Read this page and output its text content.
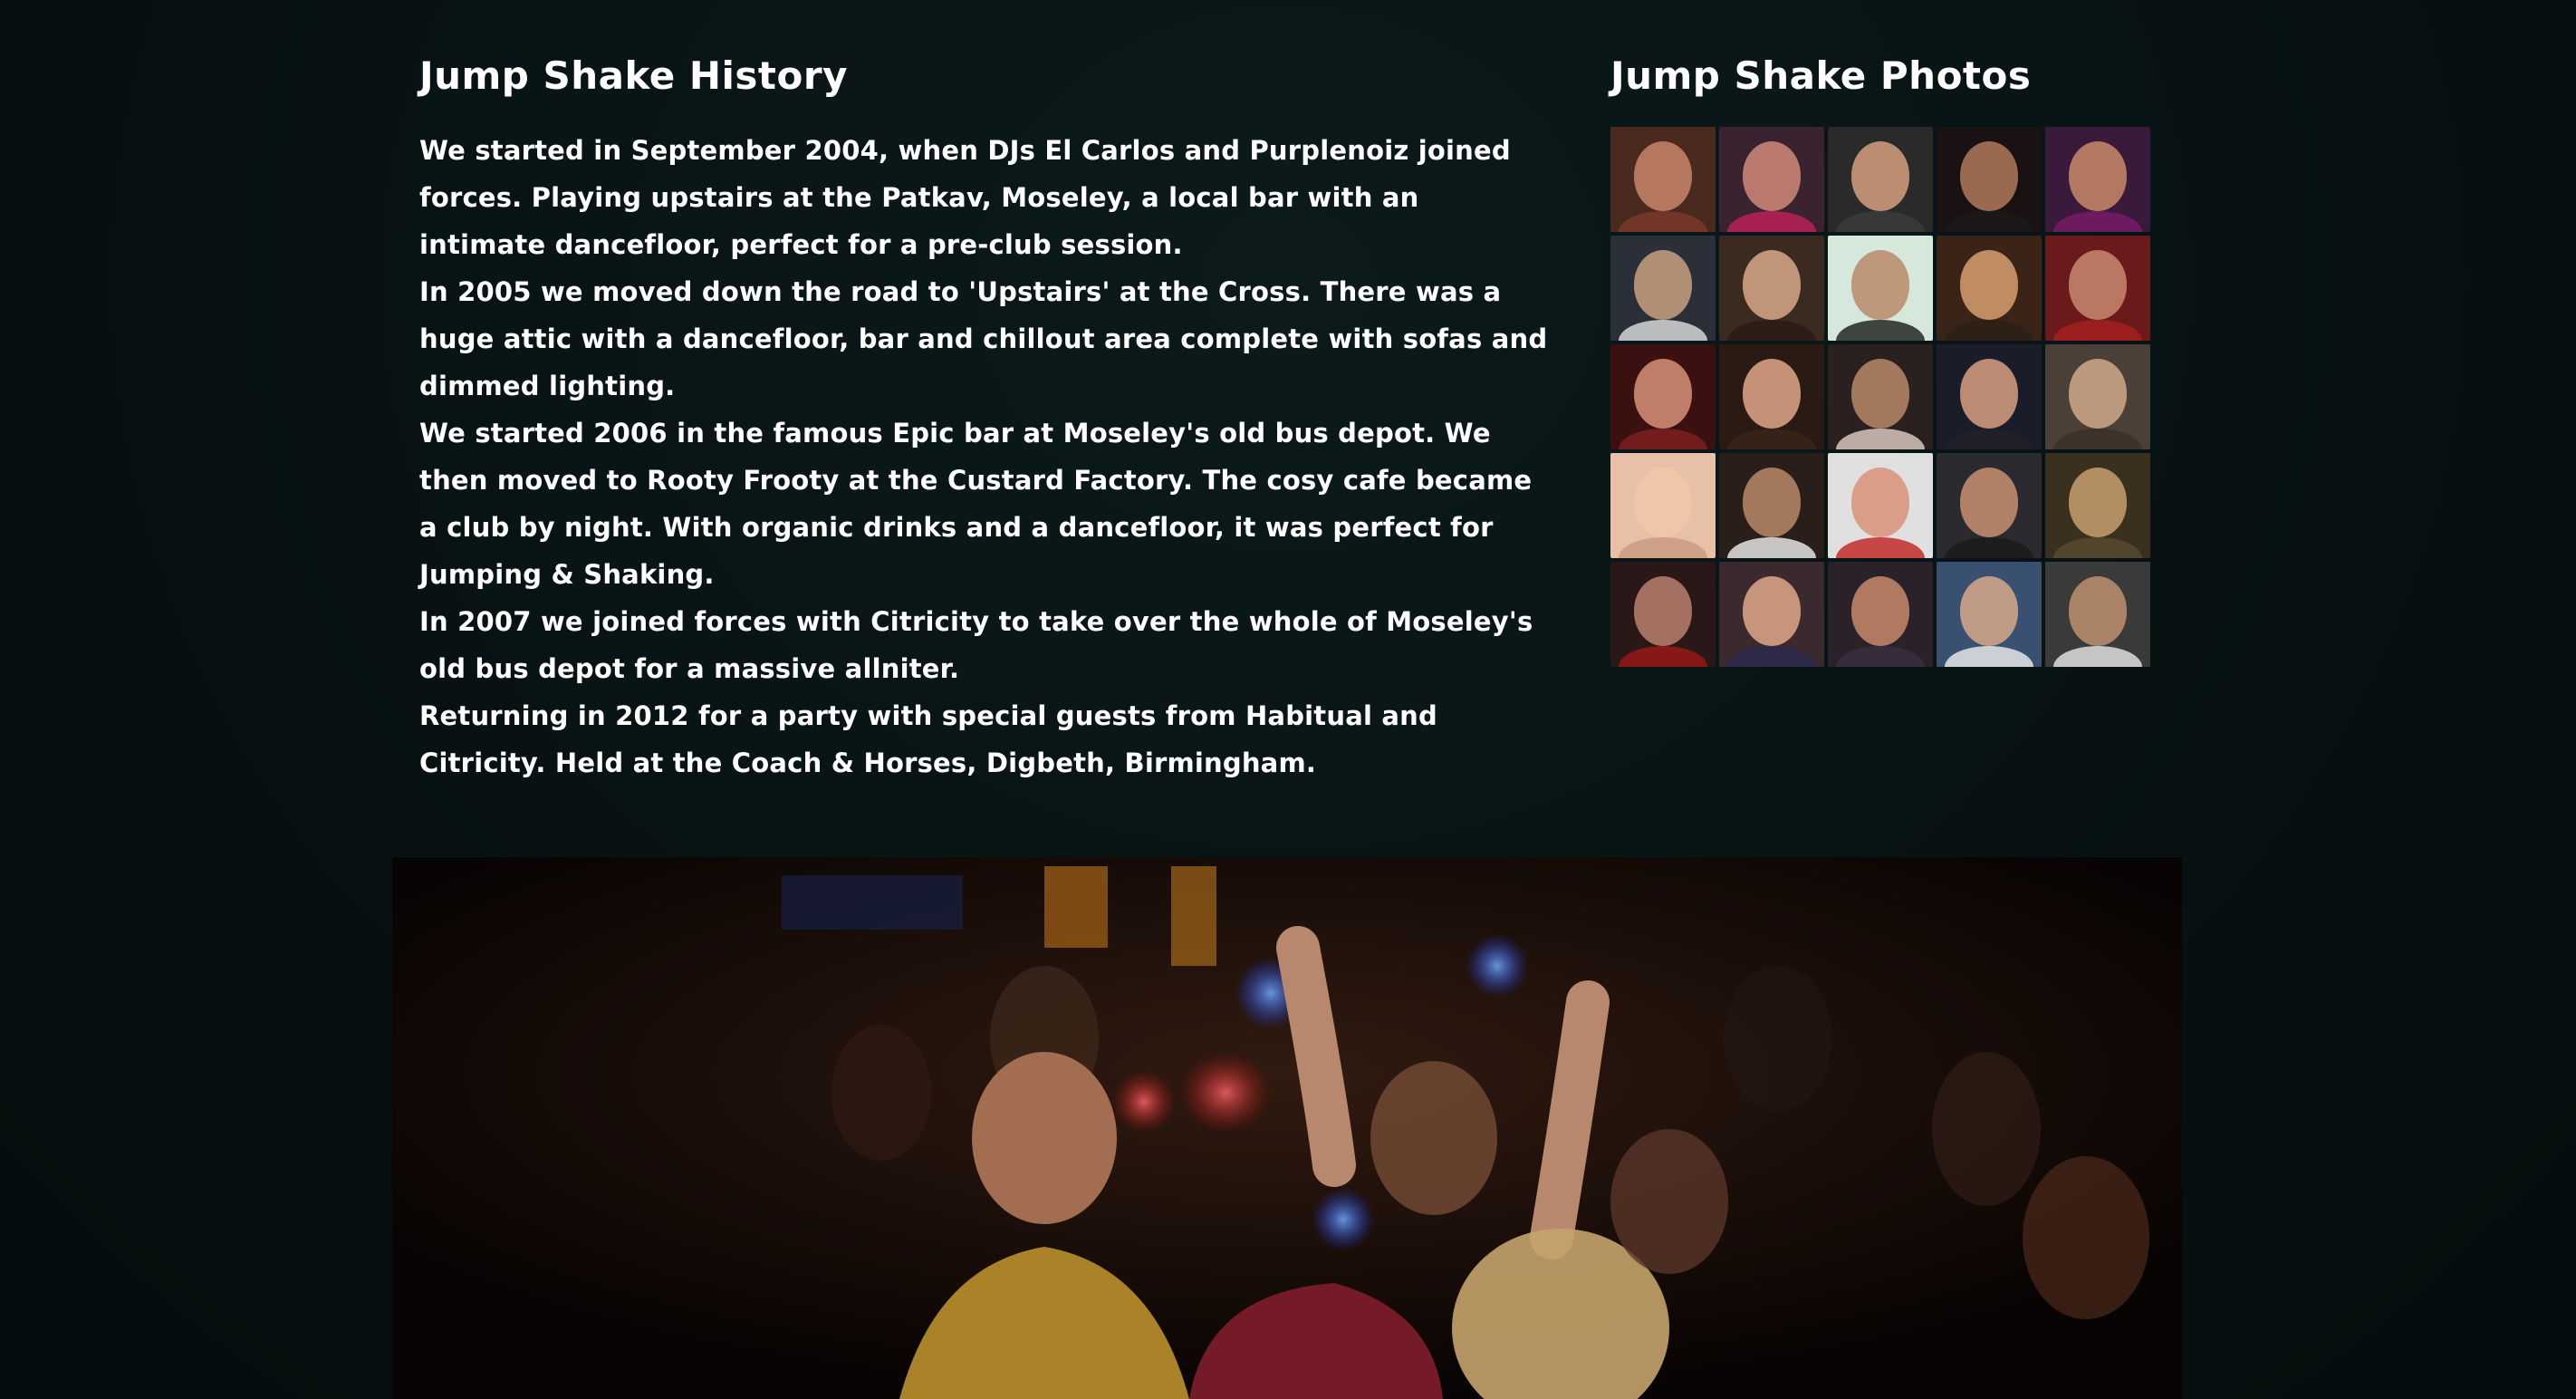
Jump Shake History

We started in September 2004, when DJs El Carlos and Purplenoiz joined forces. Playing upstairs at the Patkav, Moseley, a local bar with an intimate dancefloor, perfect for a pre-club session.

In 2005 we moved down the road to 'Upstairs' at the Cross. There was a huge attic with a dancefloor, bar and chillout area complete with sofas and dimmed lighting.

We started 2006 in the famous Epic bar at Moseley's old bus depot. We then moved to Rooty Frooty at the Custard Factory. The cosy cafe became a club by night. With organic drinks and a dancefloor, it was perfect for Jumping & Shaking.

In 2007 we joined forces with Citricity to take over the whole of Moseley's old bus depot for a massive allniter.

Returning in 2012 for a party with special guests from Habitual and Citricity. Held at the Coach & Horses, Digbeth, Birmingham.

Jump Shake Photos
